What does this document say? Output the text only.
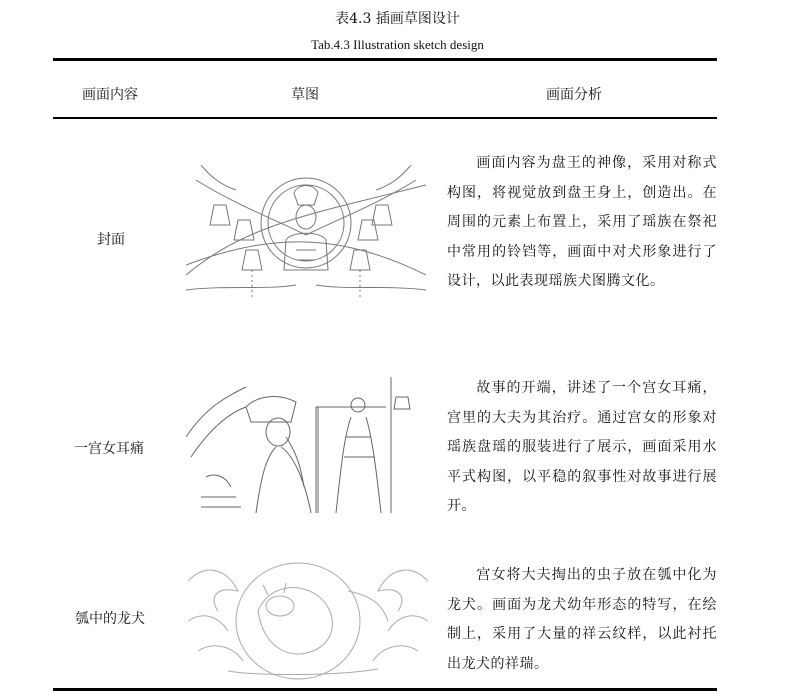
表4.3 插画草图设计
Tab.4.3 Illustration sketch design
画面内容	草图	画面分析
封面
画面内容为盘王的神像，采用对称式构图，将视觉放到盘王身上，创造出。在周围的元素上布置上，采用了瑶族在祭祀中常用的铃铛等，画面中对犬形象进行了设计，以此表现瑶族犬图腾文化。
一宫女耳痛
故事的开端，讲述了一个宫女耳痛，宫里的大夫为其治疗。通过宫女的形象对瑶族盘瑶的服装进行了展示，画面采用水平式构图，以平稳的叙事性对故事进行展开。
瓠中的龙犬
宫女将大夫掏出的虫子放在瓠中化为龙犬。画面为龙犬幼年形态的特写，在绘制上，采用了大量的祥云纹样，以此衬托出龙犬的祥瑞。
